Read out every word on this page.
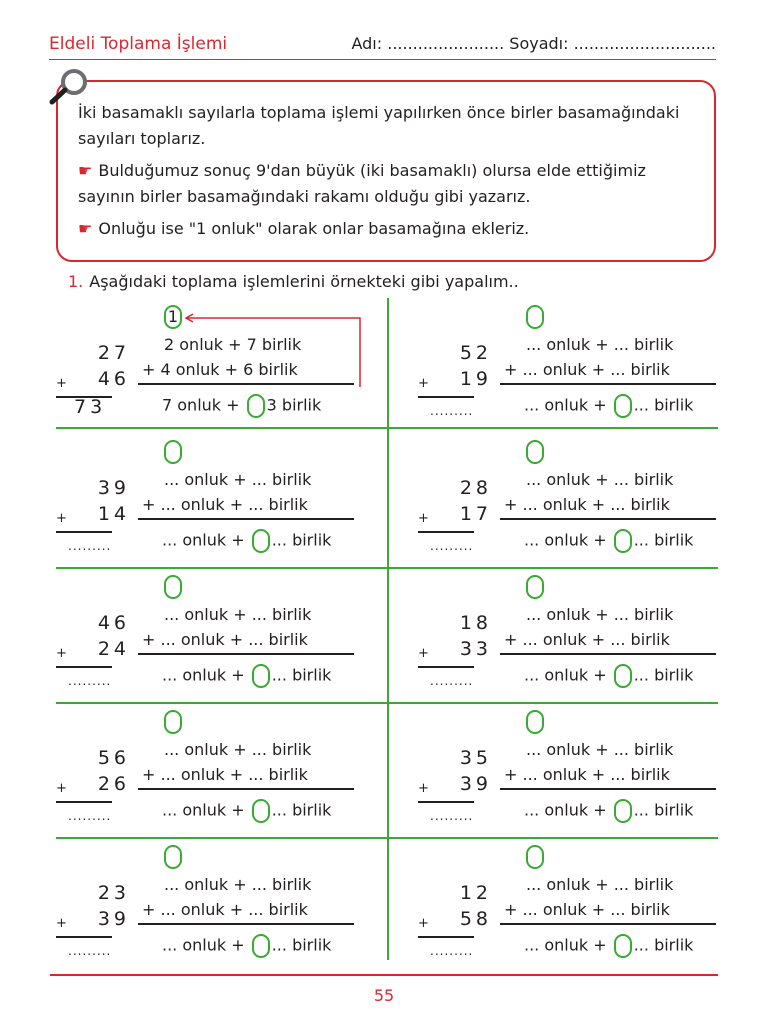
Eldeli Toplama İşlemi	Adı: ....................... Soyadı: ............................

İki basamaklı sayılarla toplama işlemi yapılırken önce birler basamağındaki sayıları toplarız.

☛ Bulduğumuz sonuç 9'dan büyük (iki basamaklı) olursa elde ettiğimiz sayının birler basamağındaki rakamı olduğu gibi yazarız.

☛ Onluğu ise "1 onluk" olarak onlar basamağına ekleriz.

1. Aşağıdaki toplama işlemlerini örnekteki gibi yapalım..
27
+	46
73
1
2 onluk + 7 birlik
+ 4 onluk + 6 birlik
7 onluk + 3 birlik
52
+	19
.........
... onluk + ... birlik
+ ... onluk + ... birlik
... onluk + ... birlik
39
+	14
.........
... onluk + ... birlik
+ ... onluk + ... birlik
... onluk + ... birlik
28
+	17
.........
... onluk + ... birlik
+ ... onluk + ... birlik
... onluk + ... birlik
46
+	24
.........
... onluk + ... birlik
+ ... onluk + ... birlik
... onluk + ... birlik
18
+	33
.........
... onluk + ... birlik
+ ... onluk + ... birlik
... onluk + ... birlik
56
+	26
.........
... onluk + ... birlik
+ ... onluk + ... birlik
... onluk + ... birlik
35
+	39
.........
... onluk + ... birlik
+ ... onluk + ... birlik
... onluk + ... birlik
23
+	39
.........
... onluk + ... birlik
+ ... onluk + ... birlik
... onluk + ... birlik
12
+	58
.........
... onluk + ... birlik
+ ... onluk + ... birlik
... onluk + ... birlik
55
